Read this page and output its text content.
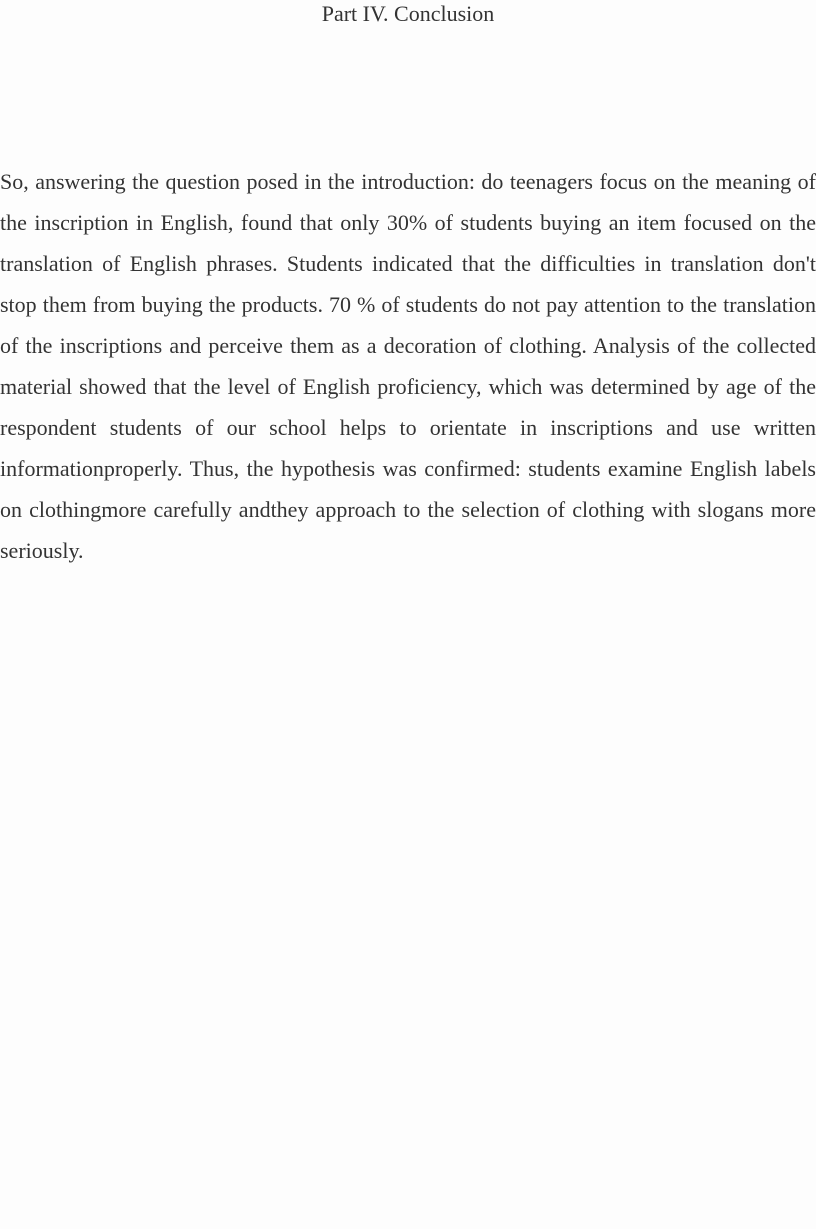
Part IV. Conclusion

So, answering the question posed in the introduction: do teenagers focus on the meaning of the inscription in English, found that only 30% of students buying an item focused on the translation of English phrases. Students indicated that the difficulties in translation don't stop them from buying the products. 70 % of students do not pay attention to the translation of the inscriptions and perceive them as a decoration of clothing. Analysis of the collected material showed that the level of English proficiency, which was determined by age of the respondent students of our school helps to orientate in inscriptions and use written informationproperly. Thus, the hypothesis was confirmed: students examine English labels on clothingmore carefully andthey approach to the selection of clothing with slogans more seriously.
